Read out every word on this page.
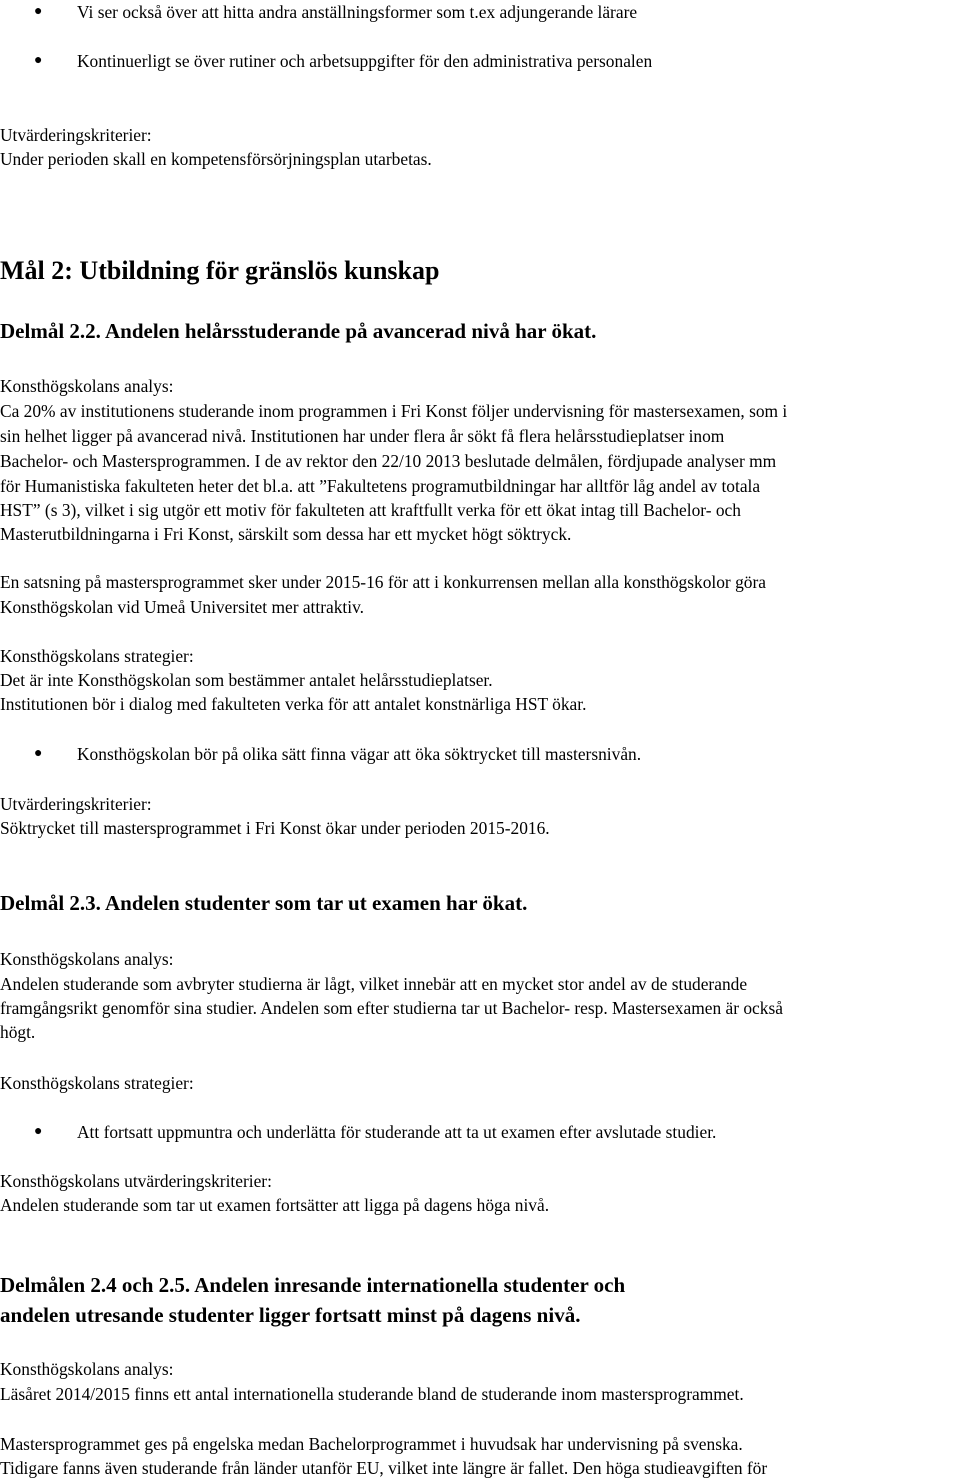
● Vi ser också över att hitta andra anställningsformer som t.ex adjungerande lärare
● Kontinuerligt se över rutiner och arbetsuppgifter för den administrativa personalen
Utvärderingskriterier:
Under perioden skall en kompetensförsörjningsplan utarbetas.
Mål 2: Utbildning för gränslös kunskap
Delmål 2.2. Andelen helårsstuderande på avancerad nivå har ökat.
Konsthögskolans analys:
Ca 20% av institutionens studerande inom programmen i Fri Konst följer undervisning för mastersexamen, som i
sin helhet ligger på avancerad nivå. Institutionen har under flera år sökt få flera helårsstudieplatser inom
Bachelor- och Mastersprogrammen. I de av rektor den 22/10 2013 beslutade delmålen, fördjupade analyser mm
för Humanistiska fakulteten heter det bl.a. att ”Fakultetens programutbildningar har alltför låg andel av totala
HST” (s 3), vilket i sig utgör ett motiv för fakulteten att kraftfullt verka för ett ökat intag till Bachelor- och
Masterutbildningarna i Fri Konst, särskilt som dessa har ett mycket högt söktryck.
En satsning på mastersprogrammet sker under 2015-16 för att i konkurrensen mellan alla konsthögskolor göra
Konsthögskolan vid Umeå Universitet mer attraktiv.
Konsthögskolans strategier:
Det är inte Konsthögskolan som bestämmer antalet helårsstudieplatser.
Institutionen bör i dialog med fakulteten verka för att antalet konstnärliga HST ökar.
● Konsthögskolan bör på olika sätt finna vägar att öka söktrycket till mastersnivån.
Utvärderingskriterier:
Söktrycket till mastersprogrammet i Fri Konst ökar under perioden 2015-2016.
Delmål 2.3. Andelen studenter som tar ut examen har ökat.
Konsthögskolans analys:
Andelen studerande som avbryter studierna är lågt, vilket innebär att en mycket stor andel av de studerande
framgångsrikt genomför sina studier. Andelen som efter studierna tar ut Bachelor- resp. Mastersexamen är också
högt.
Konsthögskolans strategier:
● Att fortsatt uppmuntra och underlätta för studerande att ta ut examen efter avslutade studier.
Konsthögskolans utvärderingskriterier:
Andelen studerande som tar ut examen fortsätter att ligga på dagens höga nivå.
Delmålen 2.4 och 2.5. Andelen inresande internationella studenter och
andelen utresande studenter ligger fortsatt minst på dagens nivå.
Konsthögskolans analys:
Läsåret 2014/2015 finns ett antal internationella studerande bland de studerande inom mastersprogrammet.
Mastersprogrammet ges på engelska medan Bachelorprogrammet i huvudsak har undervisning på svenska.
Tidigare fanns även studerande från länder utanför EU, vilket inte längre är fallet. Den höga studieavgiften för
